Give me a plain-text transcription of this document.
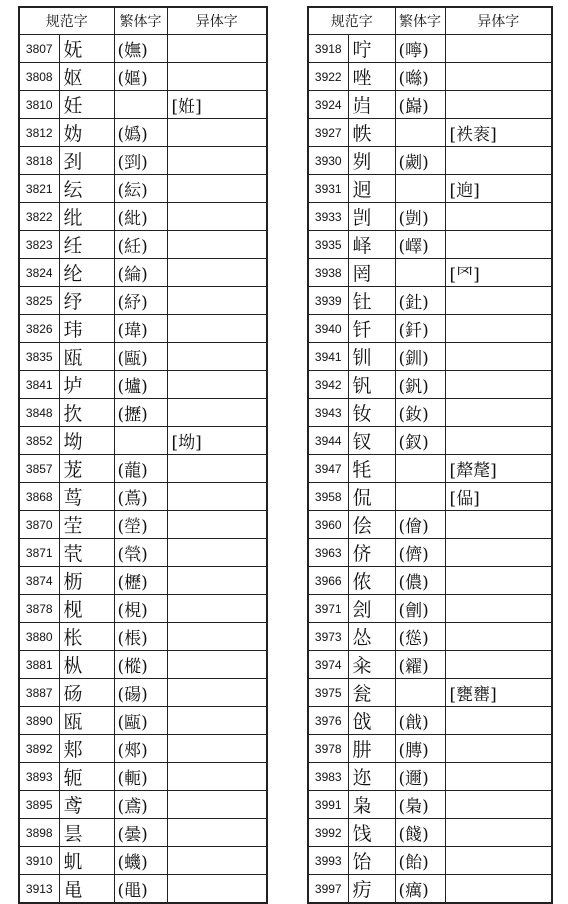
规范字		繁体字	异体字
3807	妩	(嫵)	
3808	妪	(嫗)	
3810	妊		[姙]
3812	妫	(嬀)	
3818	刭	(剄)	
3821	纭	(紜)	
3822	纰	(紕)	
3823	纴	(紝)	
3824	纶	(綸)	
3825	纾	(紓)	
3826	玮	(瑋)	
3835	瓯	(甌)	
3841	垆	(壚)	
3848	扻	(攊)	
3852	坳		[坳]
3857	茏	(蘢)	
3868	茑	(蔦)	
3870	茔	(塋)	
3871	茕	(煢)	
3874	枥	(櫪)	
3878	枧	(梘)	
3880	枨	(棖)	
3881	枞	(樅)	
3887	砀	(碭)	
3890	瓯	(甌)	
3892	郏	(郟)	
3893	轭	(軛)	
3895	鸢	(鳶)	
3898	昙	(曇)	
3910	虮	(蟣)	
3913	黾	(黽)	
规范字		繁体字	异体字
3918	咛	(嚀)	
3922	唑	(噝)	
3924	岿	(巋)	
3927	帙		[袟袠]
3930	刿	(劌)	
3931	迥		[逈]
3933	剀	(剴)	
3935	峄	(嶧)	
3938	罔		[罓]
3939	钍	(釷)	
3940	钎	(釺)	
3941	钏	(釧)	
3942	钒	(釩)	
3943	钕	(釹)	
3944	钗	(釵)	
3947	牦		[犛氂]
3958	侃		[偘]
3960	侩	(儈)	
3963	侪	(儕)	
3966	侬	(儂)	
3971	刽	(劊)	
3973	怂	(慫)	
3974	籴	(糴)	
3975	瓮		[甕罋]
3976	戗	(戧)	
3978	肼	(膞)	
3983	迩	(邇)	
3991	枭	(梟)	
3992	饯	(餞)	
3993	饴	(飴)	
3997	疠	(癘)	
